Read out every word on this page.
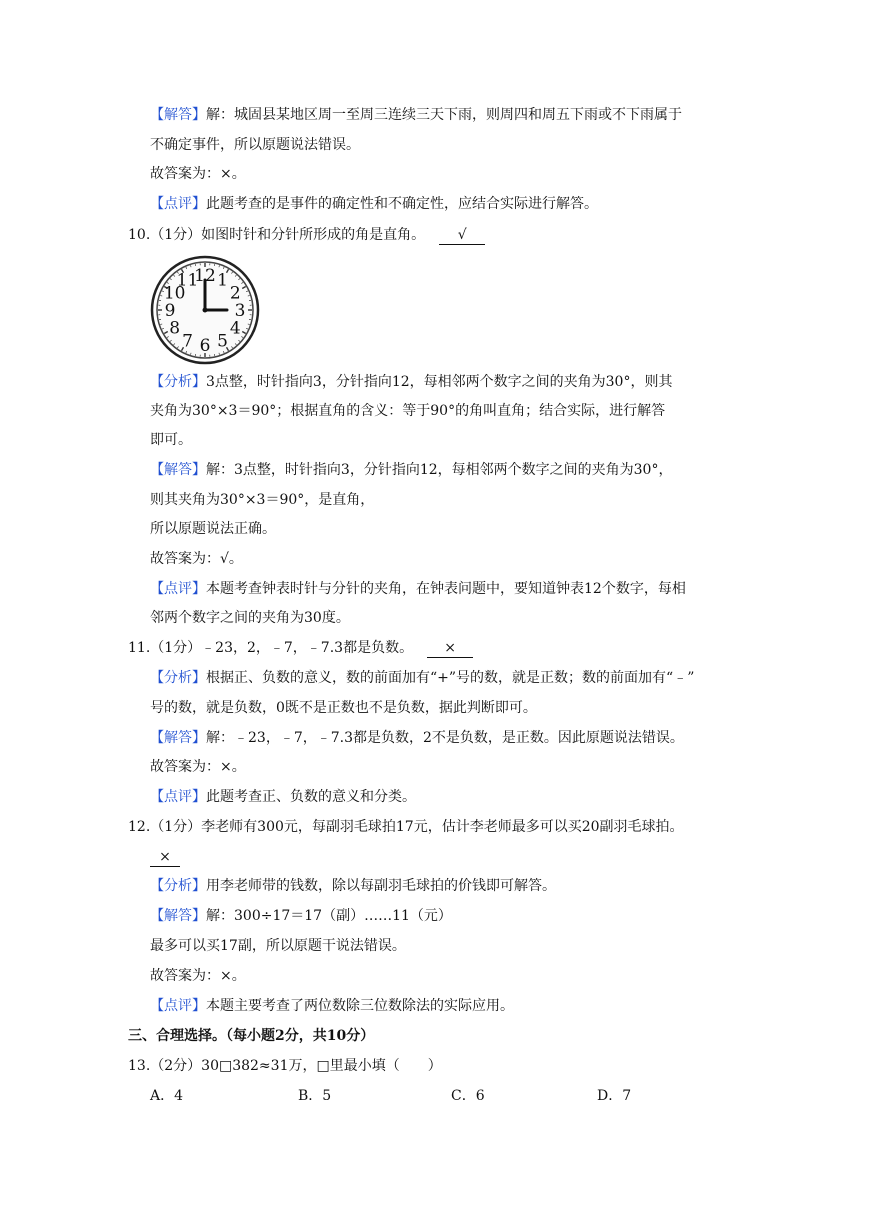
【解答】解：城固县某地区周一至周三连续三天下雨，则周四和周五下雨或不下雨属于
不确定事件，所以原题说法错误。
故答案为：×。
【点评】此题考查的是事件的确定性和不确定性，应结合实际进行解答。
10.（1分）如图时针和分针所形成的角是直角。 √
12 1
2
3
4
5
6
7
8
9
10
11
【分析】3点整，时针指向3，分针指向12，每相邻两个数字之间的夹角为30°，则其
夹角为30°×3＝90°；根据直角的含义：等于90°的角叫直角；结合实际，进行解答
即可。
【解答】解：3点整，时针指向3，分针指向12，每相邻两个数字之间的夹角为30°，
则其夹角为30°×3＝90°，是直角，
所以原题说法正确。
故答案为：√。
【点评】本题考查钟表时针与分针的夹角，在钟表问题中，要知道钟表12个数字，每相
邻两个数字之间的夹角为30度。
11.（1分）﹣23，2，﹣7，﹣7.3都是负数。 ×
【分析】根据正、负数的意义，数的前面加有“+”号的数，就是正数；数的前面加有“﹣”
号的数，就是负数，0既不是正数也不是负数，据此判断即可。
【解答】解：﹣23，﹣7，﹣7.3都是负数，2不是负数，是正数。因此原题说法错误。
故答案为：×。
【点评】此题考查正、负数的意义和分类。
12.（1分）李老师有300元，每副羽毛球拍17元，估计李老师最多可以买20副羽毛球拍。
×
【分析】用李老师带的钱数，除以每副羽毛球拍的价钱即可解答。
【解答】解：300÷17＝17（副）……11（元）
最多可以买17副，所以原题干说法错误。
故答案为：×。
【点评】本题主要考查了两位数除三位数除法的实际应用。
三、合理选择。（每小题2分，共10分）
13.（2分）30□382≈31万，□里最小填（　　）
A．4	B．5	C．6	D．7
